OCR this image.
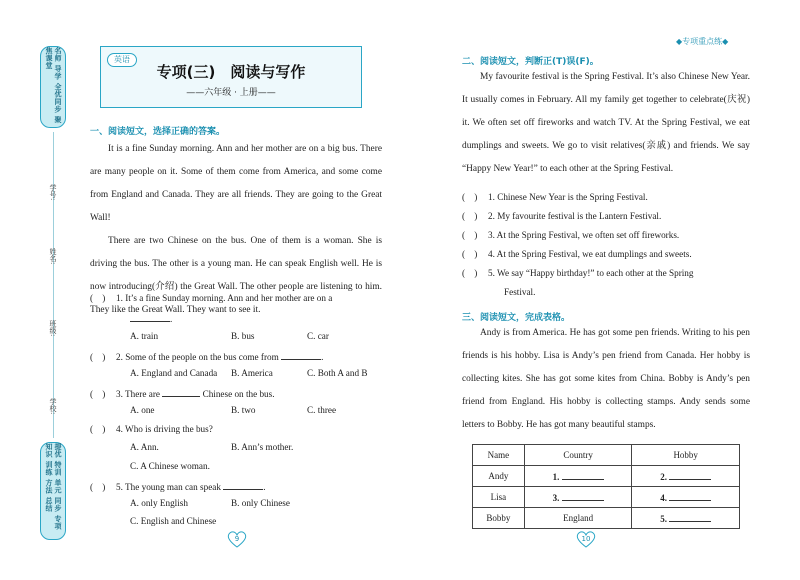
名师 导学 全优同步 聚焦课堂
学号:
姓名:
班级:
学校:
提优 特训 单元 同步 专项 知识 训练 方法 总结
英语
专项(三)　阅读与写作
——六年级 · 上册——
一、阅读短文，选择正确的答案。

It is a fine Sunday morning. Ann and her mother are on a big bus. There are many people on it. Some of them come from America, and some come from England and Canada. They are all friends. They are going to the Great Wall!

There are two Chinese on the bus. One of them is a woman. She is driving the bus. The other is a young man. He can speak English well. He is now introducing(介绍) the Great Wall. The other people are listening to him. They like the Great Wall. They want to see it.

(  ) 1. It’s a fine Sunday morning. Ann and her mother are on a
.
A. train	B. bus	C. car
(  ) 2. Some of the people on the bus come from	.
A. England and Canada B. America	C. Both A and B
(  ) 3. There are	Chinese on the bus.
A. one	B. two	C. three
(  ) 4. Who is driving the bus?
A. Ann.	B. Ann’s mother.
C. A Chinese woman.
(  ) 5. The young man can speak	.
A. only English	B. only Chinese
C. English and Chinese
9
◆专项重点练◆
二、阅读短文，判断正(T)误(F)。

My favourite festival is the Spring Festival. It’s also Chinese New Year. It usually comes in February. All my family get together to celebrate(庆祝) it. We often set off fireworks and watch TV. At the Spring Festival, we eat dumplings and sweets. We go to visit relatives(亲戚) and friends. We say “Happy New Year!” to each other at the Spring Festival.

(  ) 1. Chinese New Year is the Spring Festival.
(  ) 2. My favourite festival is the Lantern Festival.
(  ) 3. At the Spring Festival, we often set off fireworks.
(  ) 4. At the Spring Festival, we eat dumplings and sweets.
(  ) 5. We say “Happy birthday!” to each other at the Spring
Festival.
三、阅读短文，完成表格。

Andy is from America. He has got some pen friends. Writing to his pen friends is his hobby. Lisa is Andy’s pen friend from Canada. Her hobby is collecting kites. She has got some kites from China. Bobby is Andy’s pen friend from England. His hobby is collecting stamps. Andy sends some letters to Bobby. He has got many beautiful stamps.

Name	Country	Hobby
Andy	1.	2.
Lisa	3.	4.
Bobby	England	5.
10
